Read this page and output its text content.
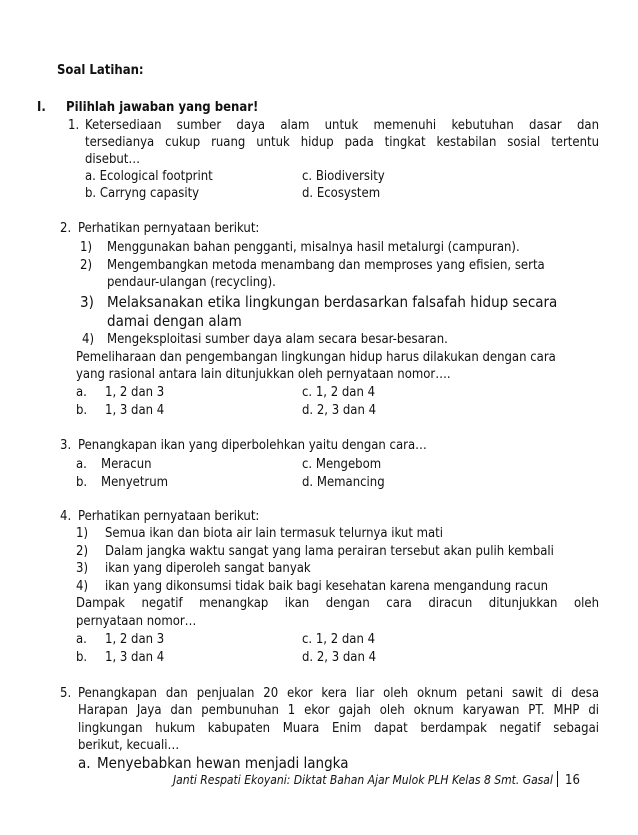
Soal Latihan:
I. Pilihlah jawaban yang benar!
1. Ketersediaan sumber daya alam untuk memenuhi kebutuhan dasar dan
tersedianya cukup ruang untuk hidup pada tingkat kestabilan sosial tertentu
disebut…
a. Ecological footprint
b. Carryng capasity
c. Biodiversity
d. Ecosystem
2. Perhatikan pernyataan berikut:
1) Menggunakan bahan pengganti, misalnya hasil metalurgi (campuran).
2) Mengembangkan metoda menambang dan memproses yang efisien, serta
pendaur-ulangan (recycling).
3) Melaksanakan etika lingkungan berdasarkan falsafah hidup secara
damai dengan alam
4) Mengeksploitasi sumber daya alam secara besar-besaran.
Pemeliharaan dan pengembangan lingkungan hidup harus dilakukan dengan cara
yang rasional antara lain ditunjukkan oleh pernyataan nomor….
a. 1, 2 dan 3
b. 1, 3 dan 4
c. 1, 2 dan 4
d. 2, 3 dan 4
3. Penangkapan ikan yang diperbolehkan yaitu dengan cara…
a. Meracun
b. Menyetrum
c. Mengebom
d. Memancing
4. Perhatikan pernyataan berikut:
1) Semua ikan dan biota air lain termasuk telurnya ikut mati
2) Dalam jangka waktu sangat yang lama perairan tersebut akan pulih kembali
3) ikan yang diperoleh sangat banyak
4) ikan yang dikonsumsi tidak baik bagi kesehatan karena mengandung racun
Dampak negatif menangkap ikan dengan cara diracun ditunjukkan oleh
pernyataan nomor…
a. 1, 2 dan 3
b. 1, 3 dan 4
c. 1, 2 dan 4
d. 2, 3 dan 4
5. Penangkapan dan penjualan 20 ekor kera liar oleh oknum petani sawit di desa
Harapan Jaya dan pembunuhan 1 ekor gajah oleh oknum karyawan PT. MHP di
lingkungan hukum kabupaten Muara Enim dapat berdampak negatif sebagai
berikut, kecuali…
a. Menyebabkan hewan menjadi langka
Janti Respati Ekoyani: Diktat Bahan Ajar Mulok PLH Kelas 8 Smt. Gasal 16
